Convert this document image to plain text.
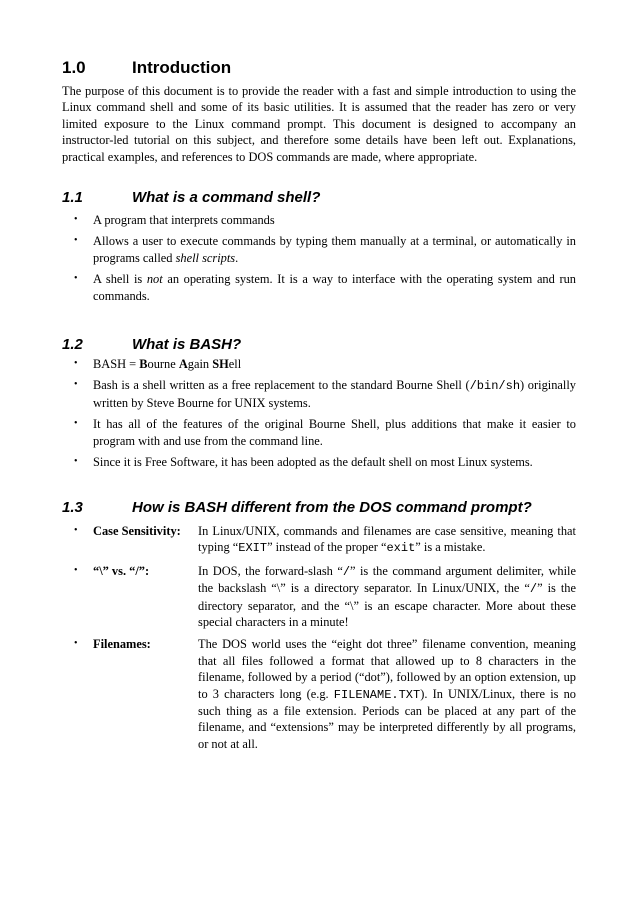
1.0	Introduction

The purpose of this document is to provide the reader with a fast and simple introduction to using the Linux command shell and some of its basic utilities. It is assumed that the reader has zero or very limited exposure to the Linux command prompt. This document is designed to accompany an instructor-led tutorial on this subject, and therefore some details have been left out. Explanations, practical examples, and references to DOS commands are made, where appropriate.

1.1	What is a command shell?
• A program that interprets commands
• Allows a user to execute commands by typing them manually at a terminal, or automatically in programs called shell scripts.
• A shell is not an operating system. It is a way to interface with the operating system and run commands.
1.2	What is BASH?
• BASH = Bourne Again SHell
• Bash is a shell written as a free replacement to the standard Bourne Shell (/bin/sh) originally written by Steve Bourne for UNIX systems.
• It has all of the features of the original Bourne Shell, plus additions that make it easier to program with and use from the command line.
• Since it is Free Software, it has been adopted as the default shell on most Linux systems.
1.3	How is BASH different from the DOS command prompt?
•	Case Sensitivity:	In Linux/UNIX, commands and filenames are case sensitive, meaning that typing “EXIT” instead of the proper “exit” is a mistake.
•	“\” vs. “/”:	In DOS, the forward-slash “/” is the command argument delimiter, while the backslash “\” is a directory separator. In Linux/UNIX, the “/” is the directory separator, and the “\” is an escape character. More about these special characters in a minute!
•	Filenames:	The DOS world uses the “eight dot three” filename convention, meaning that all files followed a format that allowed up to 8 characters in the filename, followed by a period (“dot”), followed by an option extension, up to 3 characters long (e.g. FILENAME.TXT). In UNIX/Linux, there is no such thing as a file extension. Periods can be placed at any part of the filename, and “extensions” may be interpreted differently by all programs, or not at all.
